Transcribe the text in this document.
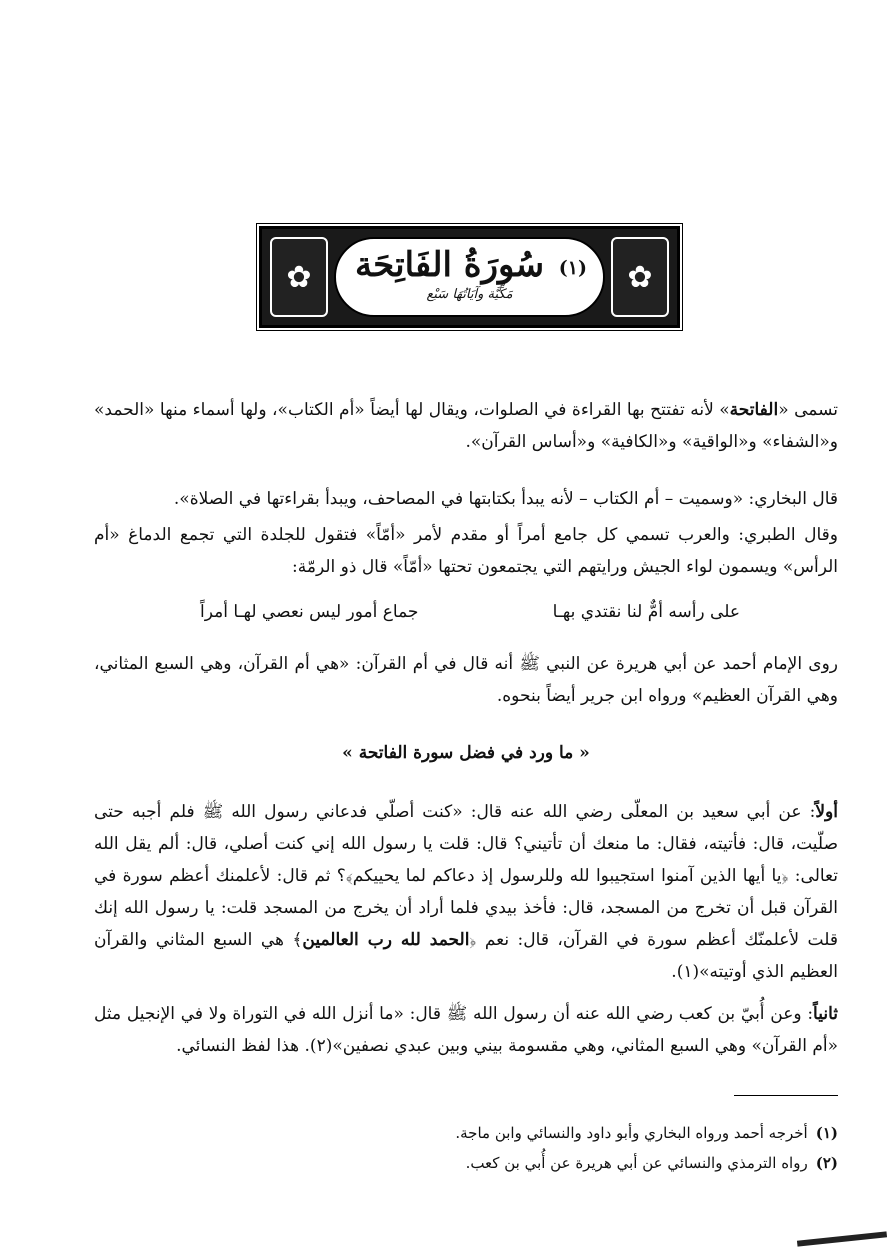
✿
✿	(١)
سُورَةُ الفَاتِحَة
مَكِّيَّة وآيَاتُهَا سَبْع

تسمى «الفاتحة» لأنه تفتتح بها القراءة في الصلوات، ويقال لها أيضاً «أم الكتاب»، ولها أسماء منها «الحمد» و«الشفاء» و«الواقية» و«الكافية» و«أساس القرآن».

قال البخاري: «وسميت – أم الكتاب – لأنه يبدأ بكتابتها في المصاحف، ويبدأ بقراءتها في الصلاة».

وقال الطبري: والعرب تسمي كل جامع أمراً أو مقدم لأمر «أمّاً» فتقول للجلدة التي تجمع الدماغ «أم الرأس» ويسمون لواء الجيش ورايتهم التي يجتمعون تحتها «أمّاً» قال ذو الرمّة:

على رأسه أمٌّ لنا نقتدي بهـا
جماع أمور ليس نعصي لهـا أمراً

روى الإمام أحمد عن أبي هريرة عن النبي ﷺ أنه قال في أم القرآن: «هي أم القرآن، وهي السبع المثاني، وهي القرآن العظيم» ورواه ابن جرير أيضاً بنحوه.

« ما ورد في فضل سورة الفاتحة »

أولاً: عن أبي سعيد بن المعلّى رضي الله عنه قال: «كنت أصلّي فدعاني رسول الله ﷺ فلم أجبه حتى صلّيت، قال: فأتيته، فقال: ما منعك أن تأتيني؟ قال: قلت يا رسول الله إني كنت أصلي، قال: ألم يقل الله تعالى: ﴿يا أيها الذين آمنوا استجيبوا لله وللرسول إذ دعاكم لما يحييكم﴾؟ ثم قال: لأعلمنك أعظم سورة في القرآن قبل أن تخرج من المسجد، قال: فأخذ بيدي فلما أراد أن يخرج من المسجد قلت: يا رسول الله إنك قلت لأعلمنّك أعظم سورة في القرآن، قال: نعم ﴿الحمد لله رب العالمين﴾ هي السبع المثاني والقرآن العظيم الذي أوتيته»(١).

ثانياً: وعن أُبيّ بن كعب رضي الله عنه أن رسول الله ﷺ قال: «ما أنزل الله في التوراة ولا في الإنجيل مثل «أم القرآن» وهي السبع المثاني، وهي مقسومة بيني وبين عبدي نصفين»(٢). هذا لفظ النسائي.

(١)أخرجه أحمد ورواه البخاري وأبو داود والنسائي وابن ماجة.
(٢)رواه الترمذي والنسائي عن أبي هريرة عن أُبي بن كعب.
